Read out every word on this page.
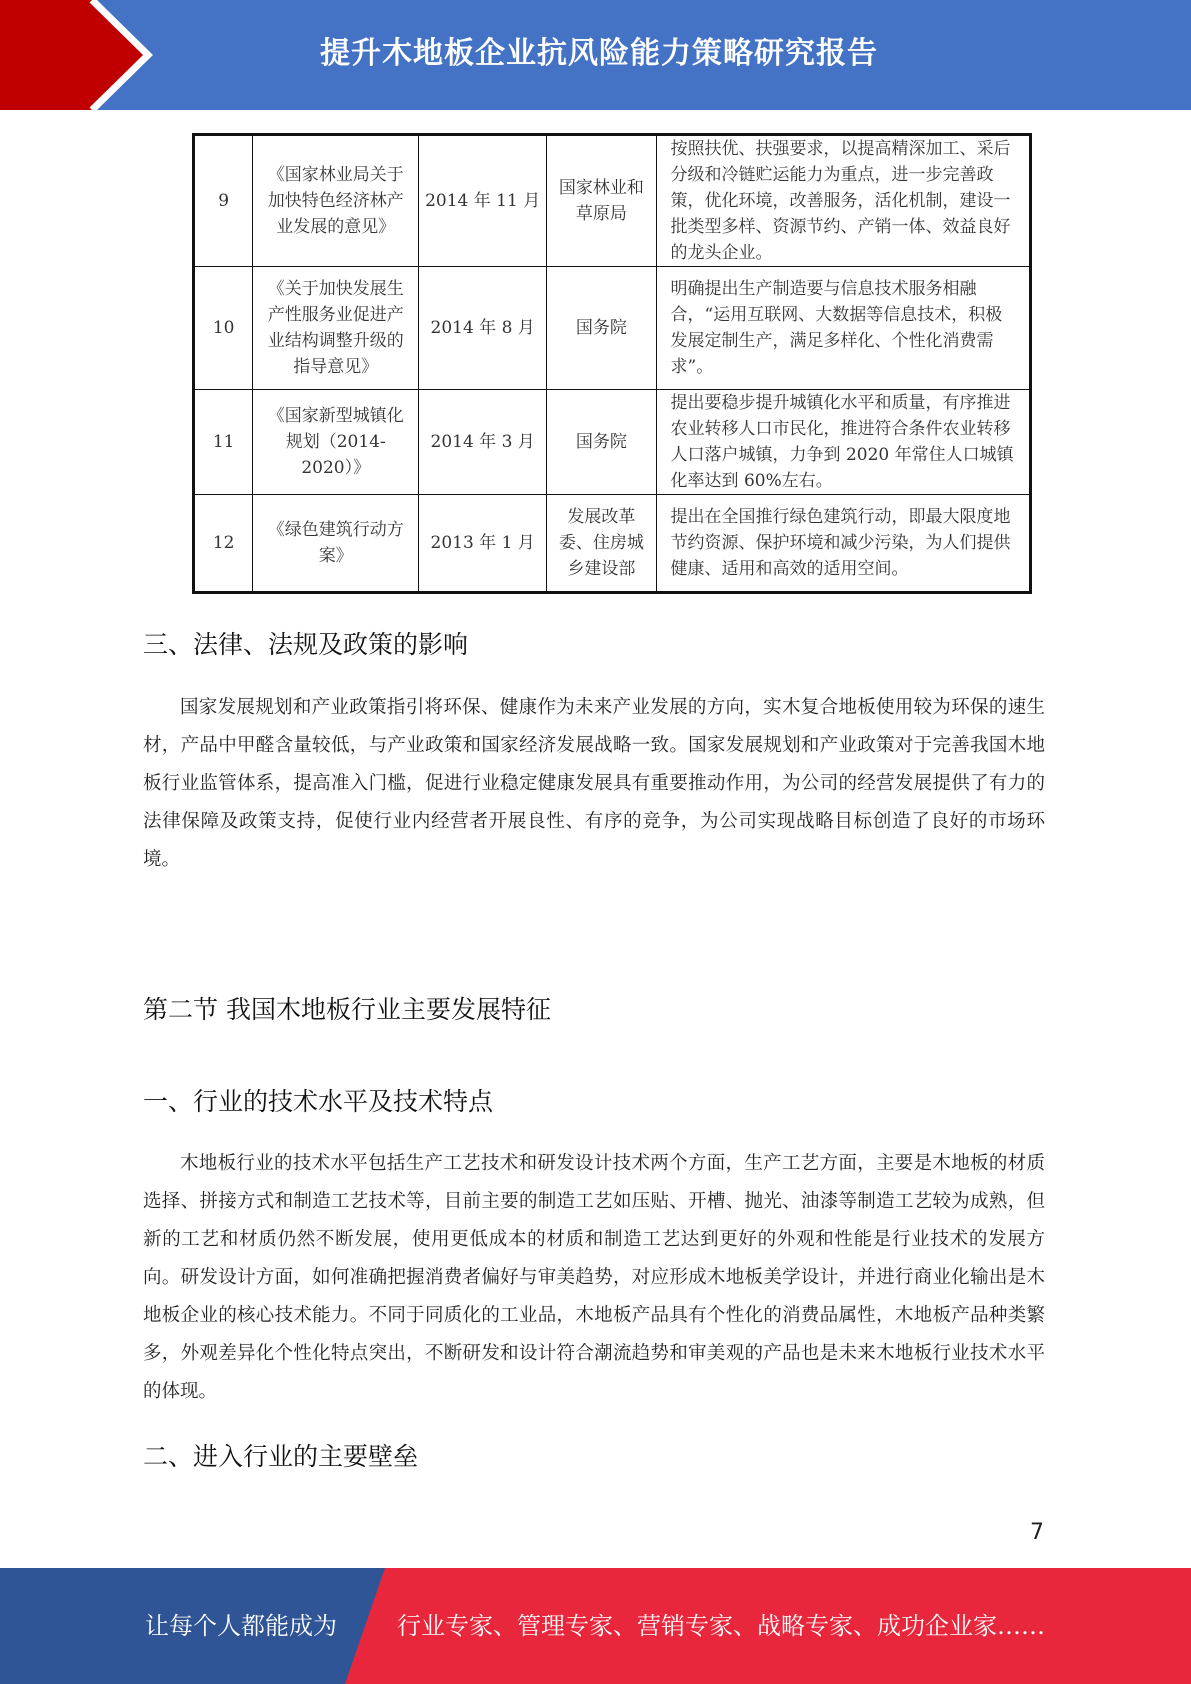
提升木地板企业抗风险能力策略研究报告
9	《国家林业局关于加快特色经济林产业发展的意见》	2014 年 11 月	国家林业和草原局	按照扶优、扶强要求，以提高精深加工、采后分级和冷链贮运能力为重点，进一步完善政策，优化环境，改善服务，活化机制，建设一批类型多样、资源节约、产销一体、效益良好的龙头企业。
10	《关于加快发展生产性服务业促进产业结构调整升级的指导意见》	2014 年 8 月	国务院	明确提出生产制造要与信息技术服务相融合，“运用互联网、大数据等信息技术，积极发展定制生产，满足多样化、个性化消费需求”。
11	《国家新型城镇化规划（2014-2020）》	2014 年 3 月	国务院	提出要稳步提升城镇化水平和质量，有序推进农业转移人口市民化，推进符合条件农业转移人口落户城镇，力争到 2020 年常住人口城镇化率达到 60%左右。
12	《绿色建筑行动方案》	2013 年 1 月	发展改革委、住房城乡建设部	提出在全国推行绿色建筑行动，即最大限度地节约资源、保护环境和减少污染，为人们提供健康、适用和高效的适用空间。
三、法律、法规及政策的影响

国家发展规划和产业政策指引将环保、健康作为未来产业发展的方向，实木复合地板使用较为环保的速生材，产品中甲醛含量较低，与产业政策和国家经济发展战略一致。国家发展规划和产业政策对于完善我国木地板行业监管体系，提高准入门槛，促进行业稳定健康发展具有重要推动作用，为公司的经营发展提供了有力的法律保障及政策支持，促使行业内经营者开展良性、有序的竞争，为公司实现战略目标创造了良好的市场环境。

第二节 我国木地板行业主要发展特征
一、行业的技术水平及技术特点

木地板行业的技术水平包括生产工艺技术和研发设计技术两个方面，生产工艺方面，主要是木地板的材质选择、拼接方式和制造工艺技术等，目前主要的制造工艺如压贴、开槽、抛光、油漆等制造工艺较为成熟，但新的工艺和材质仍然不断发展，使用更低成本的材质和制造工艺达到更好的外观和性能是行业技术的发展方向。研发设计方面，如何准确把握消费者偏好与审美趋势，对应形成木地板美学设计，并进行商业化输出是木地板企业的核心技术能力。不同于同质化的工业品，木地板产品具有个性化的消费品属性，木地板产品种类繁多，外观差异化个性化特点突出，不断研发和设计符合潮流趋势和审美观的产品也是未来木地板行业技术水平的体现。

二、进入行业的主要壁垒
7
让每个人都能成为	行业专家、管理专家、营销专家、战略专家、成功企业家……
